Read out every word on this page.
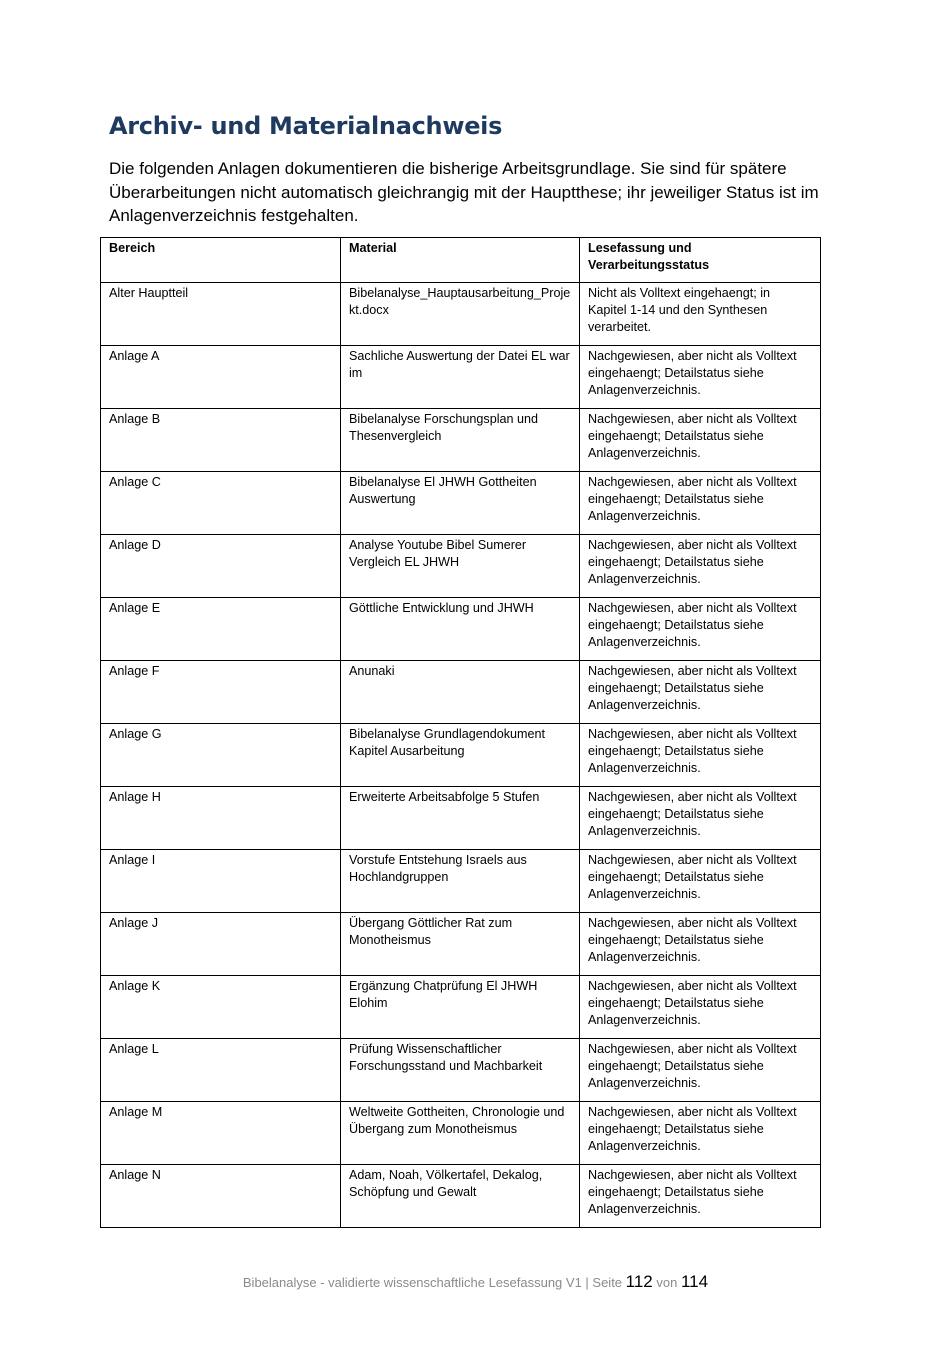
Archiv- und Materialnachweis

Die folgenden Anlagen dokumentieren die bisherige Arbeitsgrundlage. Sie sind für spätere Überarbeitungen nicht automatisch gleichrangig mit der Hauptthese; ihr jeweiliger Status ist im Anlagenverzeichnis festgehalten.

Bereich	Material	Lesefassung und Verarbeitungsstatus
Alter Hauptteil	Bibelanalyse_Hauptausarbeitung_Projekt.docx	Nicht als Volltext eingehaengt; in Kapitel 1-14 und den Synthesen verarbeitet.
Anlage A	Sachliche Auswertung der Datei EL war im	Nachgewiesen, aber nicht als Volltext eingehaengt; Detailstatus siehe Anlagenverzeichnis.
Anlage B	Bibelanalyse Forschungsplan und Thesenvergleich	Nachgewiesen, aber nicht als Volltext eingehaengt; Detailstatus siehe Anlagenverzeichnis.
Anlage C	Bibelanalyse El JHWH Gottheiten Auswertung	Nachgewiesen, aber nicht als Volltext eingehaengt; Detailstatus siehe Anlagenverzeichnis.
Anlage D	Analyse Youtube Bibel Sumerer Vergleich EL JHWH	Nachgewiesen, aber nicht als Volltext eingehaengt; Detailstatus siehe Anlagenverzeichnis.
Anlage E	Göttliche Entwicklung und JHWH	Nachgewiesen, aber nicht als Volltext eingehaengt; Detailstatus siehe Anlagenverzeichnis.
Anlage F	Anunaki	Nachgewiesen, aber nicht als Volltext eingehaengt; Detailstatus siehe Anlagenverzeichnis.
Anlage G	Bibelanalyse Grundlagendokument Kapitel Ausarbeitung	Nachgewiesen, aber nicht als Volltext eingehaengt; Detailstatus siehe Anlagenverzeichnis.
Anlage H	Erweiterte Arbeitsabfolge 5 Stufen	Nachgewiesen, aber nicht als Volltext eingehaengt; Detailstatus siehe Anlagenverzeichnis.
Anlage I	Vorstufe Entstehung Israels aus Hochlandgruppen	Nachgewiesen, aber nicht als Volltext eingehaengt; Detailstatus siehe Anlagenverzeichnis.
Anlage J	Übergang Göttlicher Rat zum Monotheismus	Nachgewiesen, aber nicht als Volltext eingehaengt; Detailstatus siehe Anlagenverzeichnis.
Anlage K	Ergänzung Chatprüfung El JHWH Elohim	Nachgewiesen, aber nicht als Volltext eingehaengt; Detailstatus siehe Anlagenverzeichnis.
Anlage L	Prüfung Wissenschaftlicher Forschungsstand und Machbarkeit	Nachgewiesen, aber nicht als Volltext eingehaengt; Detailstatus siehe Anlagenverzeichnis.
Anlage M	Weltweite Gottheiten, Chronologie und Übergang zum Monotheismus	Nachgewiesen, aber nicht als Volltext eingehaengt; Detailstatus siehe Anlagenverzeichnis.
Anlage N	Adam, Noah, Völkertafel, Dekalog, Schöpfung und Gewalt	Nachgewiesen, aber nicht als Volltext eingehaengt; Detailstatus siehe Anlagenverzeichnis.
Bibelanalyse - validierte wissenschaftliche Lesefassung V1 | Seite 112 von 114
